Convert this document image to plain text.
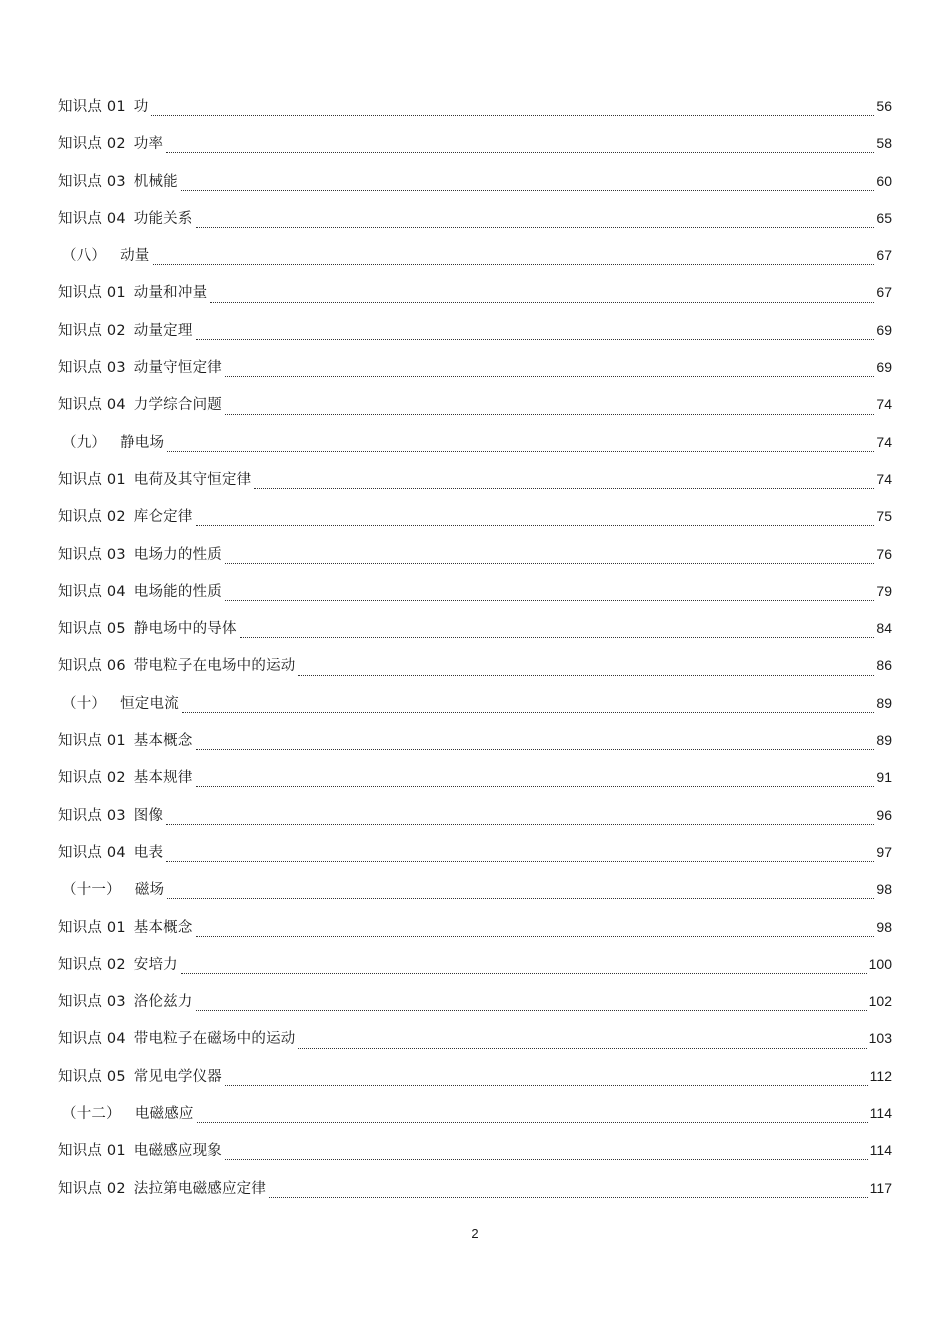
知识点 01 功	56
知识点 02 功率	58
知识点 03 机械能	60
知识点 04 功能关系	65
（八） 动量	67
知识点 01 动量和冲量	67
知识点 02 动量定理	69
知识点 03 动量守恒定律	69
知识点 04 力学综合问题	74
（九） 静电场	74
知识点 01 电荷及其守恒定律	74
知识点 02 库仑定律	75
知识点 03 电场力的性质	76
知识点 04 电场能的性质	79
知识点 05 静电场中的导体	84
知识点 06 带电粒子在电场中的运动	86
（十） 恒定电流	89
知识点 01 基本概念	89
知识点 02 基本规律	91
知识点 03 图像	96
知识点 04 电表	97
（十一） 磁场	98
知识点 01 基本概念	98
知识点 02 安培力	100
知识点 03 洛伦兹力	102
知识点 04 带电粒子在磁场中的运动	103
知识点 05 常见电学仪器	112
（十二） 电磁感应	114
知识点 01 电磁感应现象	114
知识点 02 法拉第电磁感应定律	117
2
